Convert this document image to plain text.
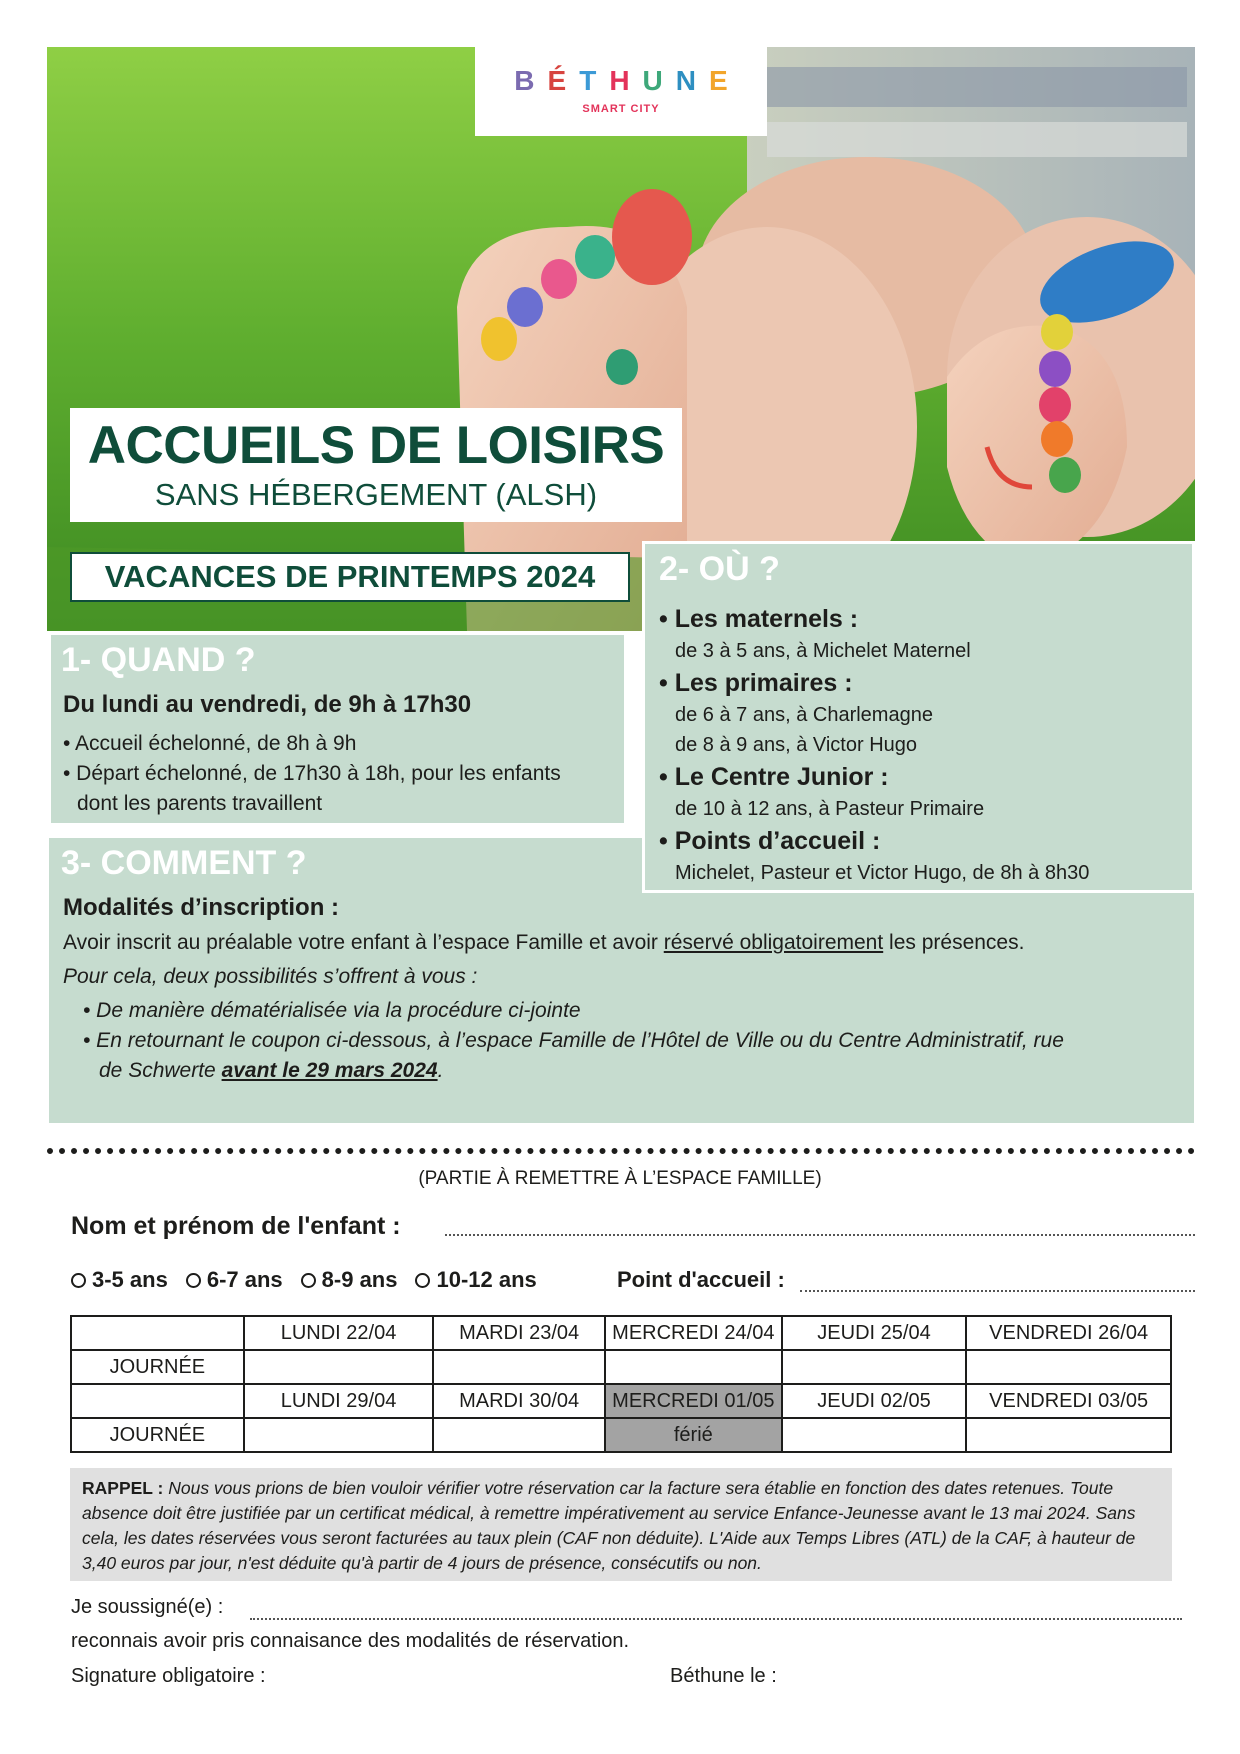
BÉTHUNE
SMART CITY
ACCUEILS DE LOISIRS
SANS HÉBERGEMENT (ALSH)
VACANCES DE PRINTEMPS 2024
1- QUAND ?
Du lundi au vendredi, de 9h à 17h30
• Accueil échelonné, de 8h à 9h
• Départ échelonné, de 17h30 à 18h, pour les enfants
dont les parents travaillent
3- COMMENT ?
Modalités d’inscription :
Avoir inscrit au préalable votre enfant à l’espace Famille et avoir réservé obligatoirement les présences.
Pour cela, deux possibilités s’offrent à vous :
• De manière dématérialisée via la procédure ci-jointe
• En retournant le coupon ci-dessous, à l’espace Famille de l’Hôtel de Ville ou du Centre Administratif, rue
de Schwerte avant le 29 mars 2024.
2- OÙ ?
• Les maternels :
de 3 à 5 ans, à Michelet Maternel
• Les primaires :
de 6 à 7 ans, à Charlemagne
de 8 à 9 ans, à Victor Hugo
• Le Centre Junior :
de 10 à 12 ans, à Pasteur Primaire
• Points d’accueil :
Michelet, Pasteur et Victor Hugo, de 8h à 8h30
(PARTIE À REMETTRE À L’ESPACE FAMILLE)
Nom et prénom de l'enfant :
3-5 ans 6-7 ans 8-9 ans 10-12 ans	Point d'accueil :
	LUNDI 22/04	MARDI 23/04	MERCREDI 24/04	JEUDI 25/04	VENDREDI 26/04
JOURNÉE					
	LUNDI 29/04	MARDI 30/04	MERCREDI 01/05	JEUDI 02/05	VENDREDI 03/05
JOURNÉE			férié		
RAPPEL : Nous vous prions de bien vouloir vérifier votre réservation car la facture sera établie en fonction des dates retenues. Toute absence doit être justifiée par un certificat médical, à remettre impérativement au service Enfance-Jeunesse avant le 13 mai 2024. Sans cela, les dates réservées vous seront facturées au taux plein (CAF non déduite). L'Aide aux Temps Libres (ATL) de la CAF, à hauteur de 3,40 euros par jour, n'est déduite qu'à partir de 4 jours de présence, consécutifs ou non.
Je soussigné(e) :
reconnais avoir pris connaisance des modalités de réservation.
Signature obligatoire :	Béthune le :
